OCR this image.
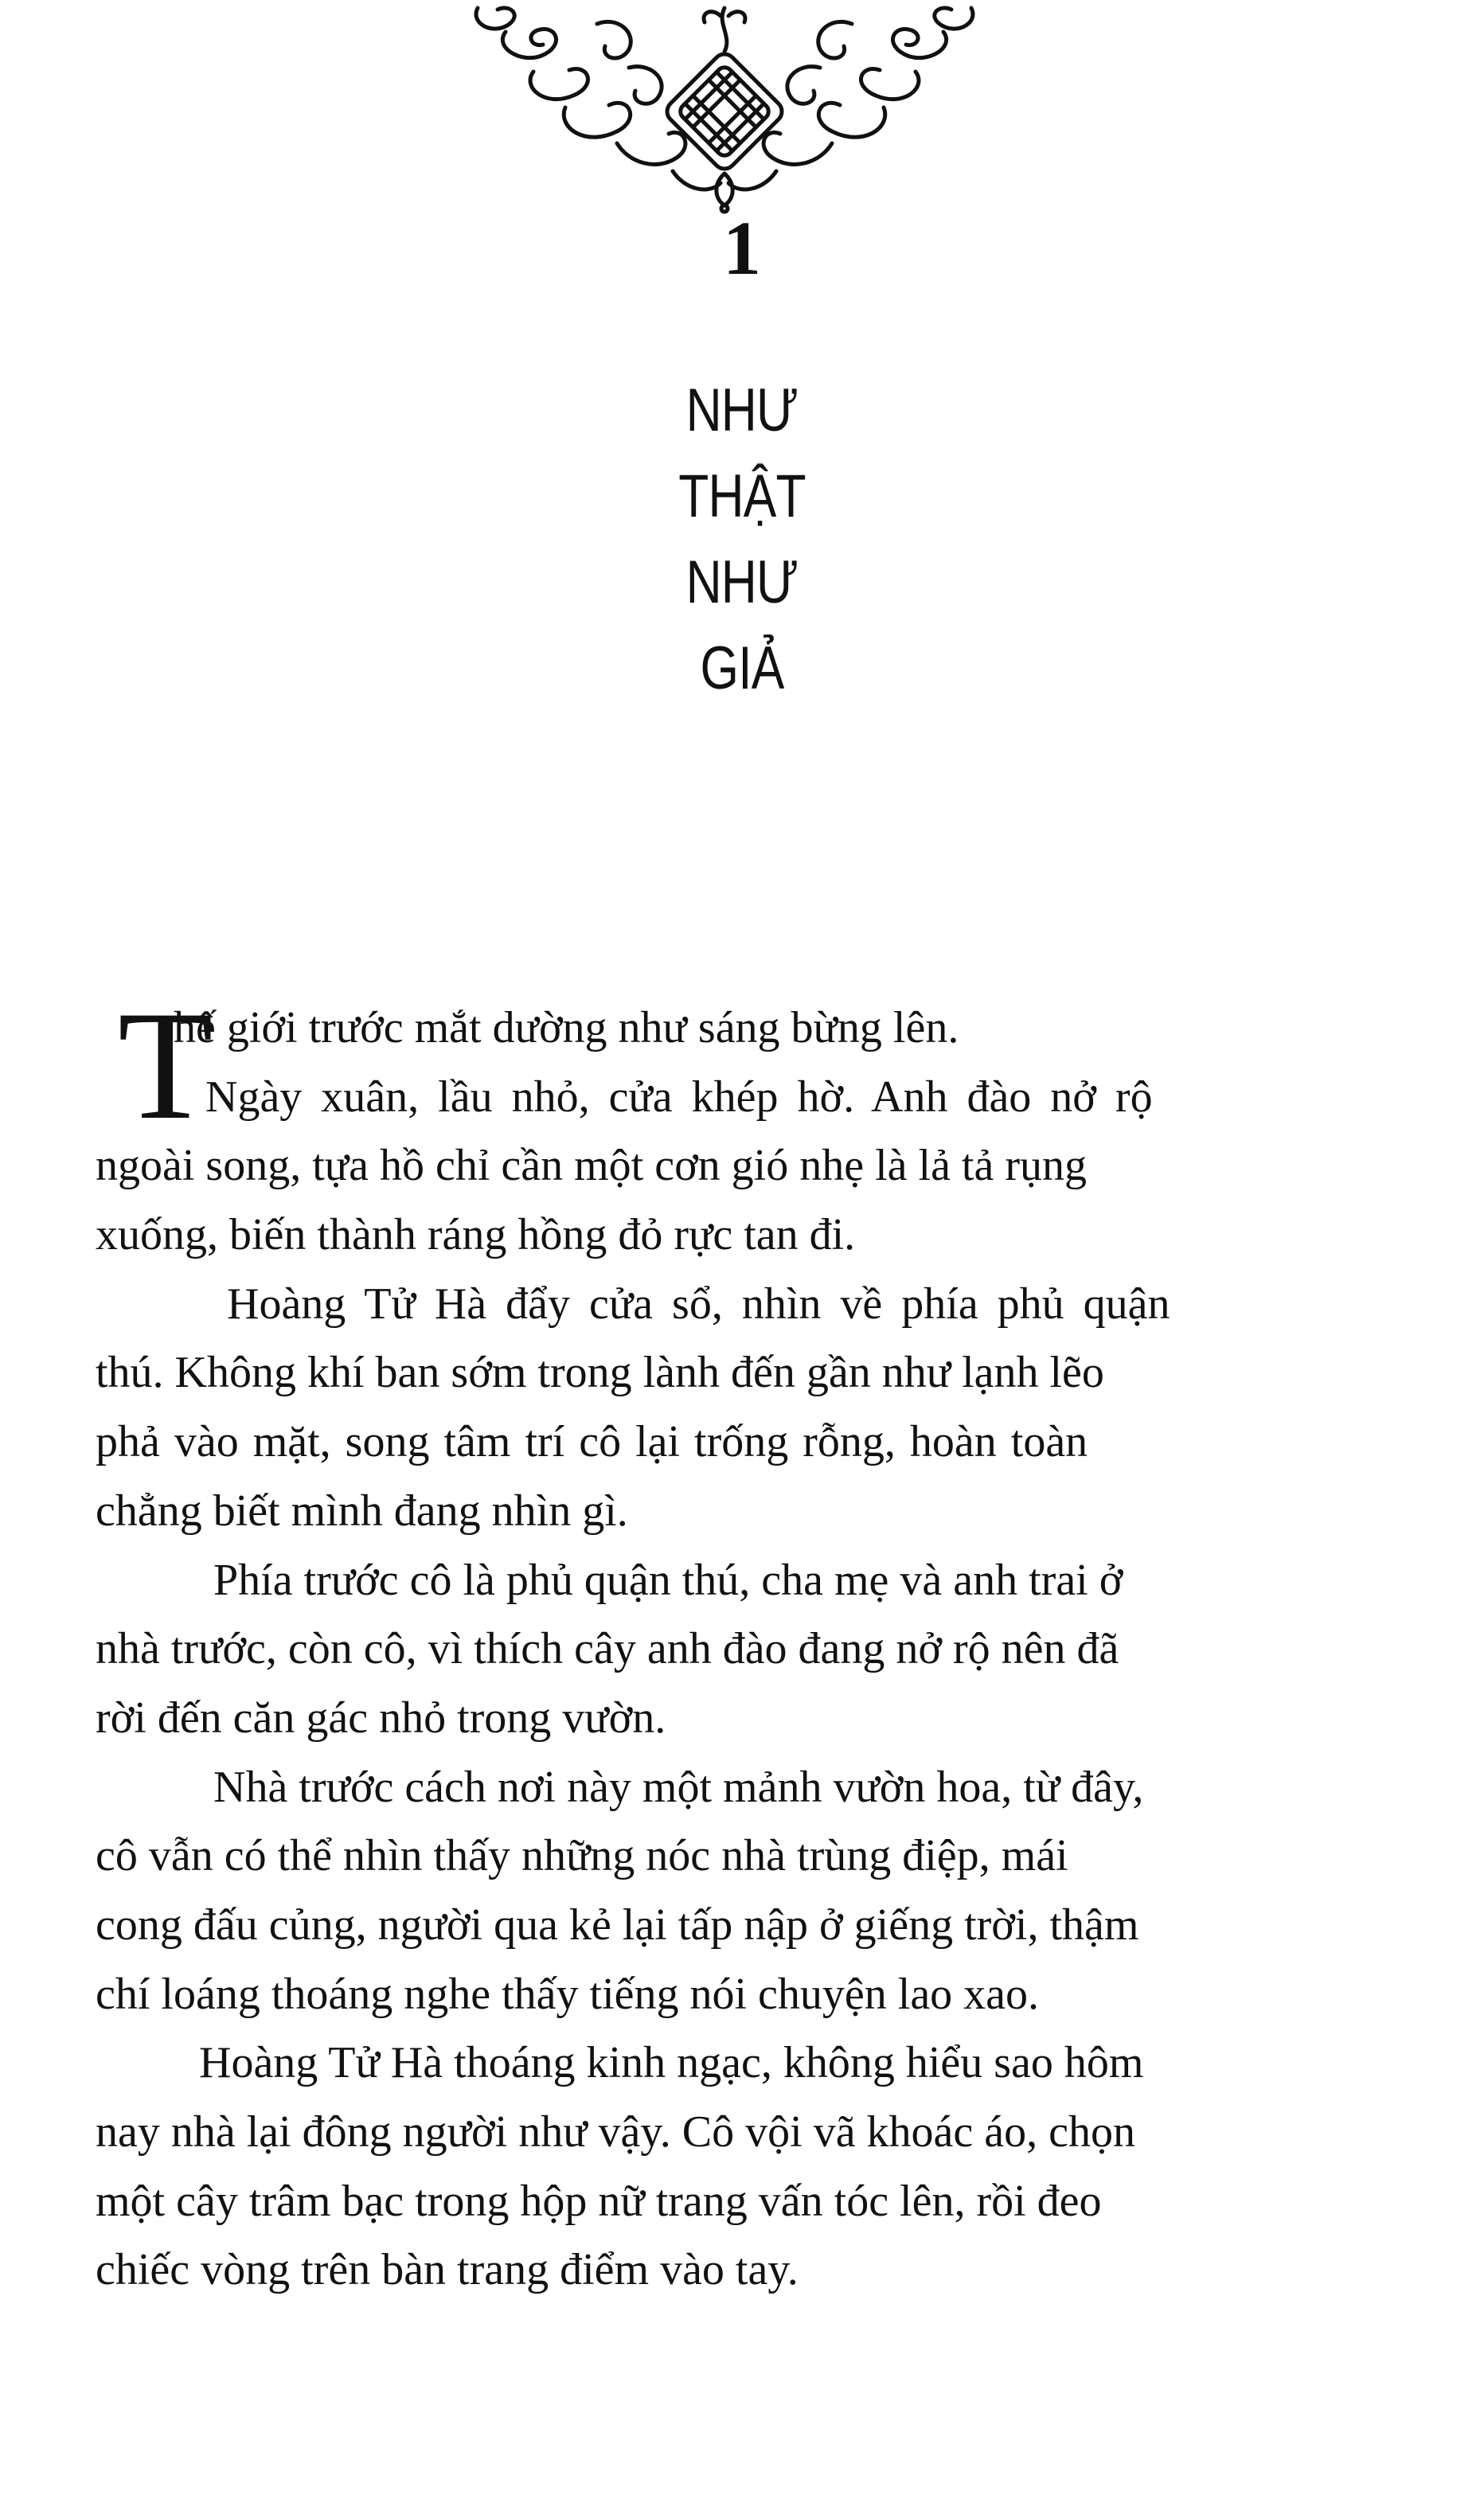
1
NHƯ
THẬT
NHƯ
GIẢ
T
hế giới trước mắt dường như sáng bừng lên.
Ngày xuân, lầu nhỏ, cửa khép hờ. Anh đào nở rộ
ngoài song, tựa hồ chỉ cần một cơn gió nhẹ là lả tả rụng
xuống, biến thành ráng hồng đỏ rực tan đi.
Hoàng Tử Hà đẩy cửa sổ, nhìn về phía phủ quận
thú. Không khí ban sớm trong lành đến gần như lạnh lẽo
phả vào mặt, song tâm trí cô lại trống rỗng, hoàn toàn
chẳng biết mình đang nhìn gì.
Phía trước cô là phủ quận thú, cha mẹ và anh trai ở
nhà trước, còn cô, vì thích cây anh đào đang nở rộ nên đã
rời đến căn gác nhỏ trong vườn.
Nhà trước cách nơi này một mảnh vườn hoa, từ đây,
cô vẫn có thể nhìn thấy những nóc nhà trùng điệp, mái
cong đấu củng, người qua kẻ lại tấp nập ở giếng trời, thậm
chí loáng thoáng nghe thấy tiếng nói chuyện lao xao.
Hoàng Tử Hà thoáng kinh ngạc, không hiểu sao hôm
nay nhà lại đông người như vậy. Cô vội vã khoác áo, chọn
một cây trâm bạc trong hộp nữ trang vấn tóc lên, rồi đeo
chiếc vòng trên bàn trang điểm vào tay.
